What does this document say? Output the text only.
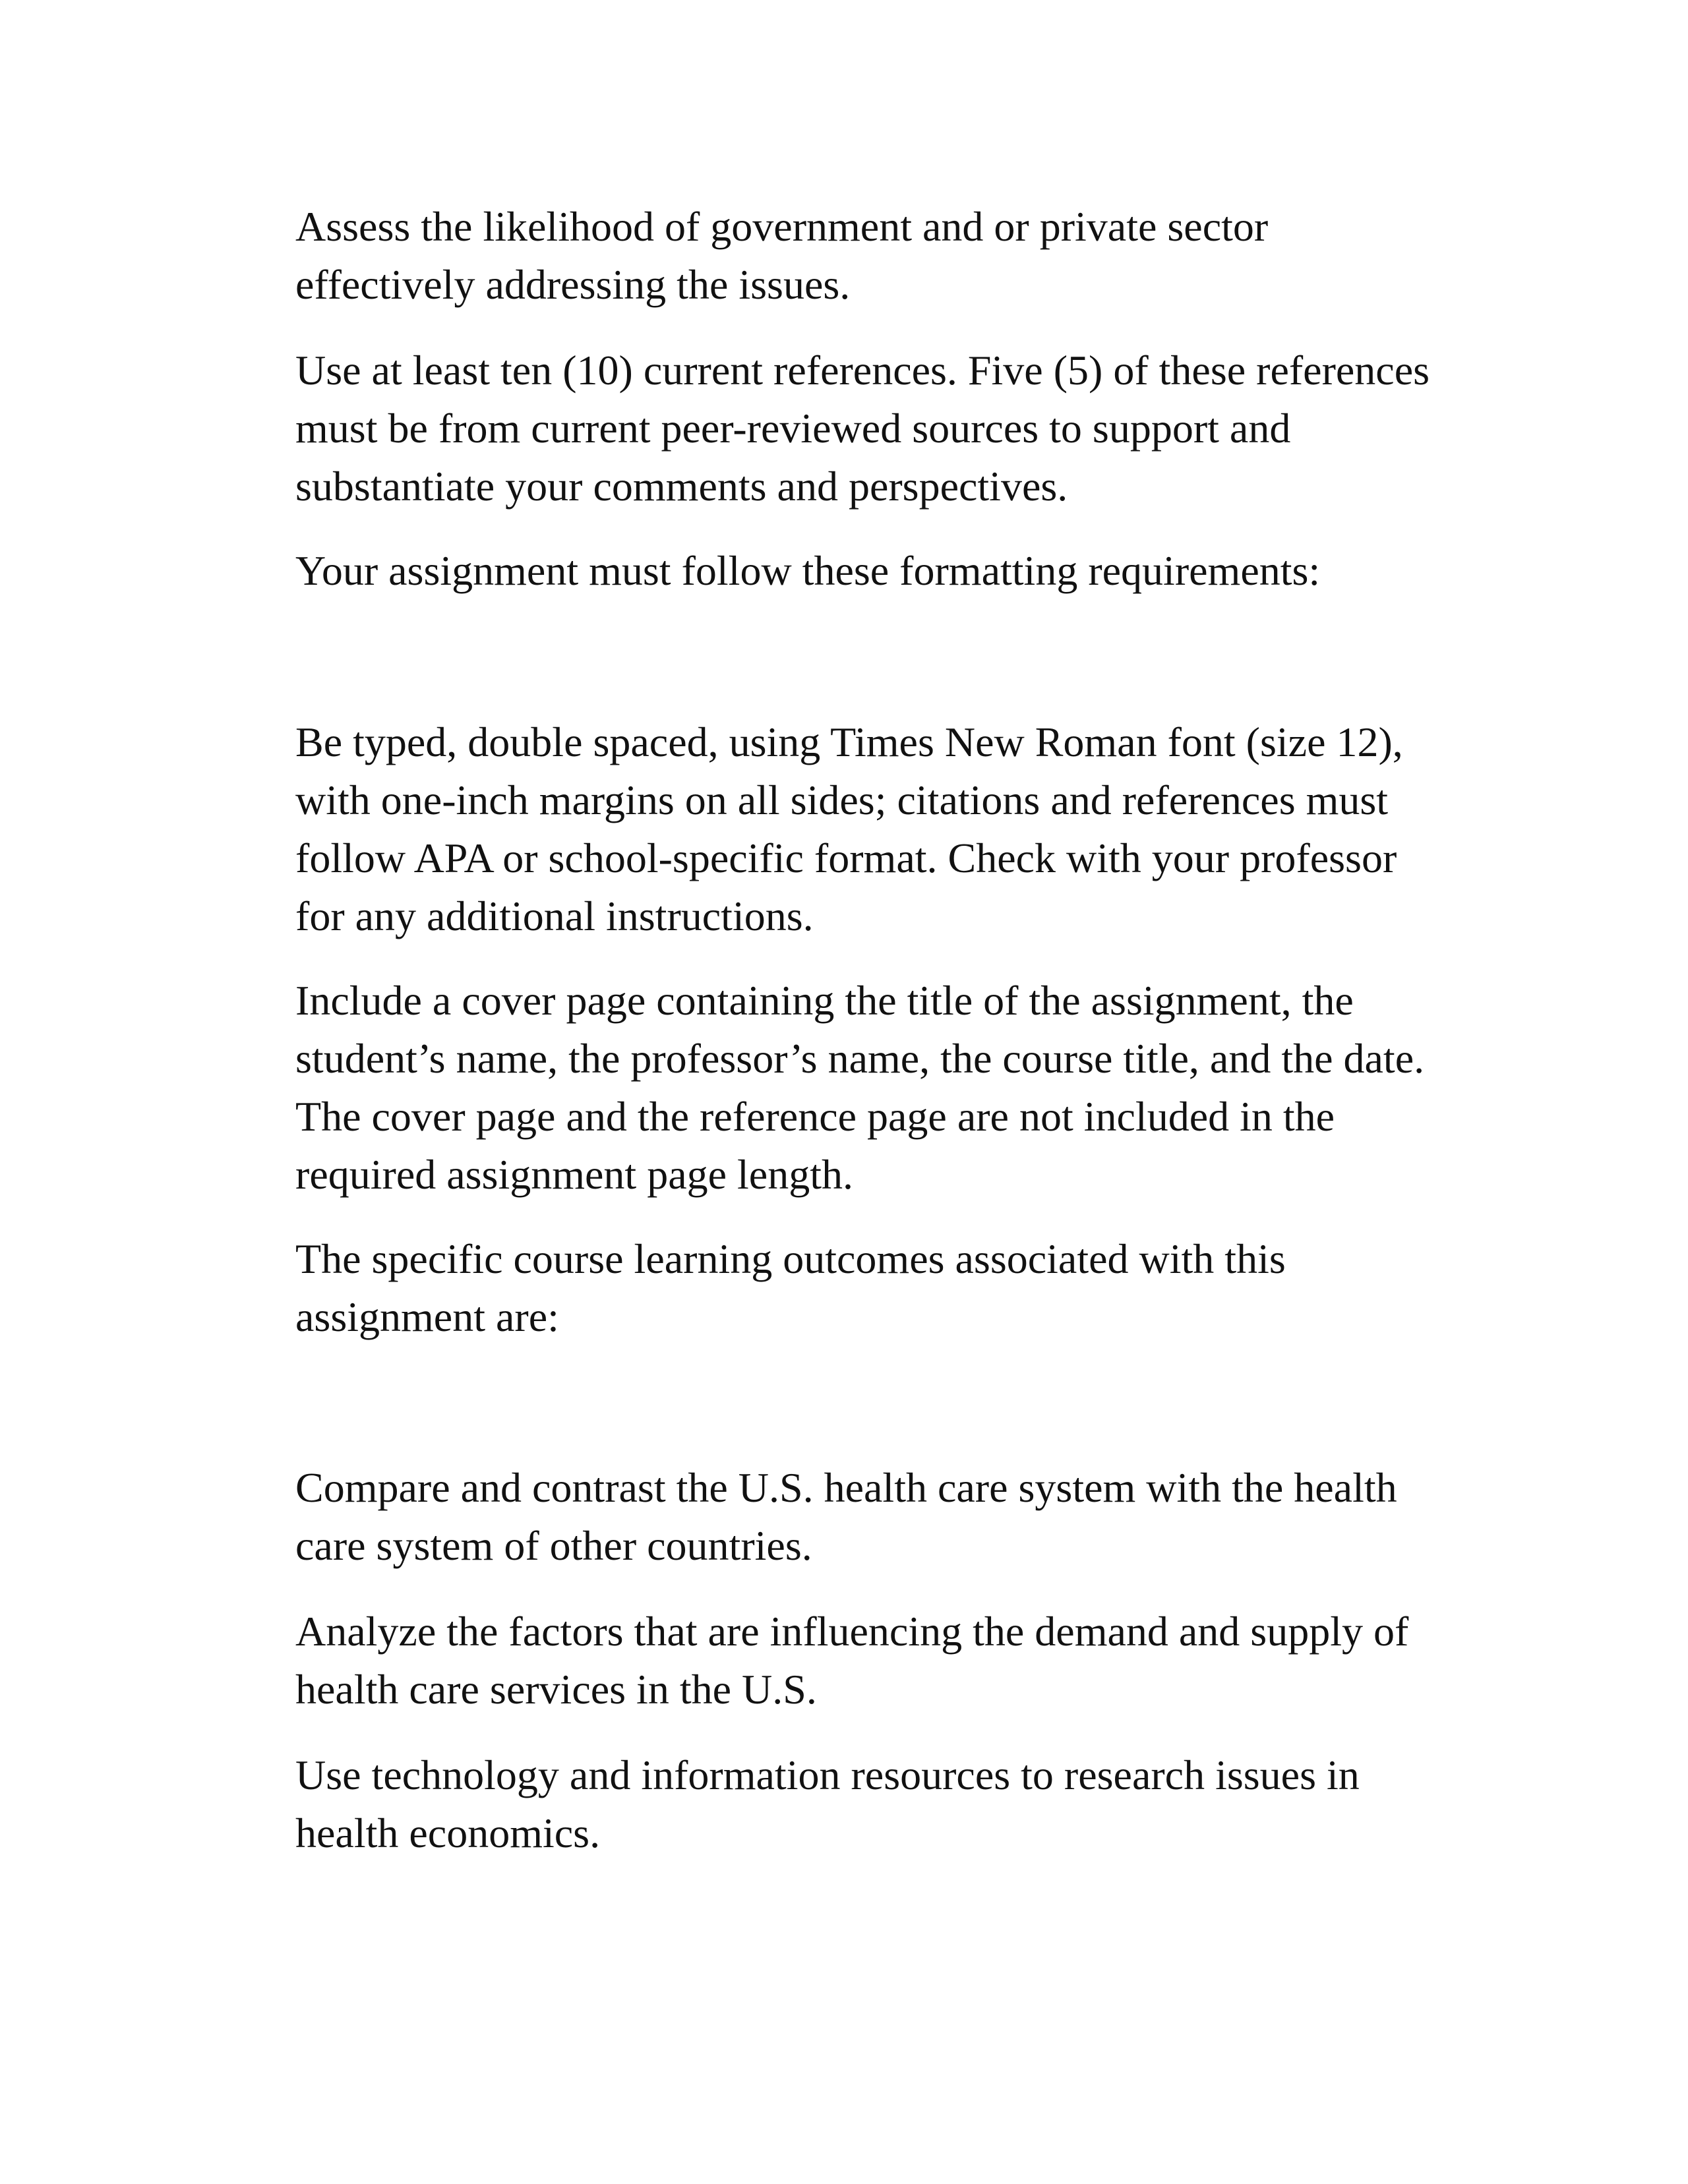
Assess the likelihood of government and or private sector
effectively addressing the issues.
Use at least ten (10) current references. Five (5) of these references
must be from current peer-reviewed sources to support and
substantiate your comments and perspectives.
Your assignment must follow these formatting requirements:
Be typed, double spaced, using Times New Roman font (size 12),
with one-inch margins on all sides; citations and references must
follow APA or school-specific format. Check with your professor
for any additional instructions.
Include a cover page containing the title of the assignment, the
student’s name, the professor’s name, the course title, and the date.
The cover page and the reference page are not included in the
required assignment page length.
The specific course learning outcomes associated with this
assignment are:
Compare and contrast the U.S. health care system with the health
care system of other countries.
Analyze the factors that are influencing the demand and supply of
health care services in the U.S.
Use technology and information resources to research issues in
health economics.
